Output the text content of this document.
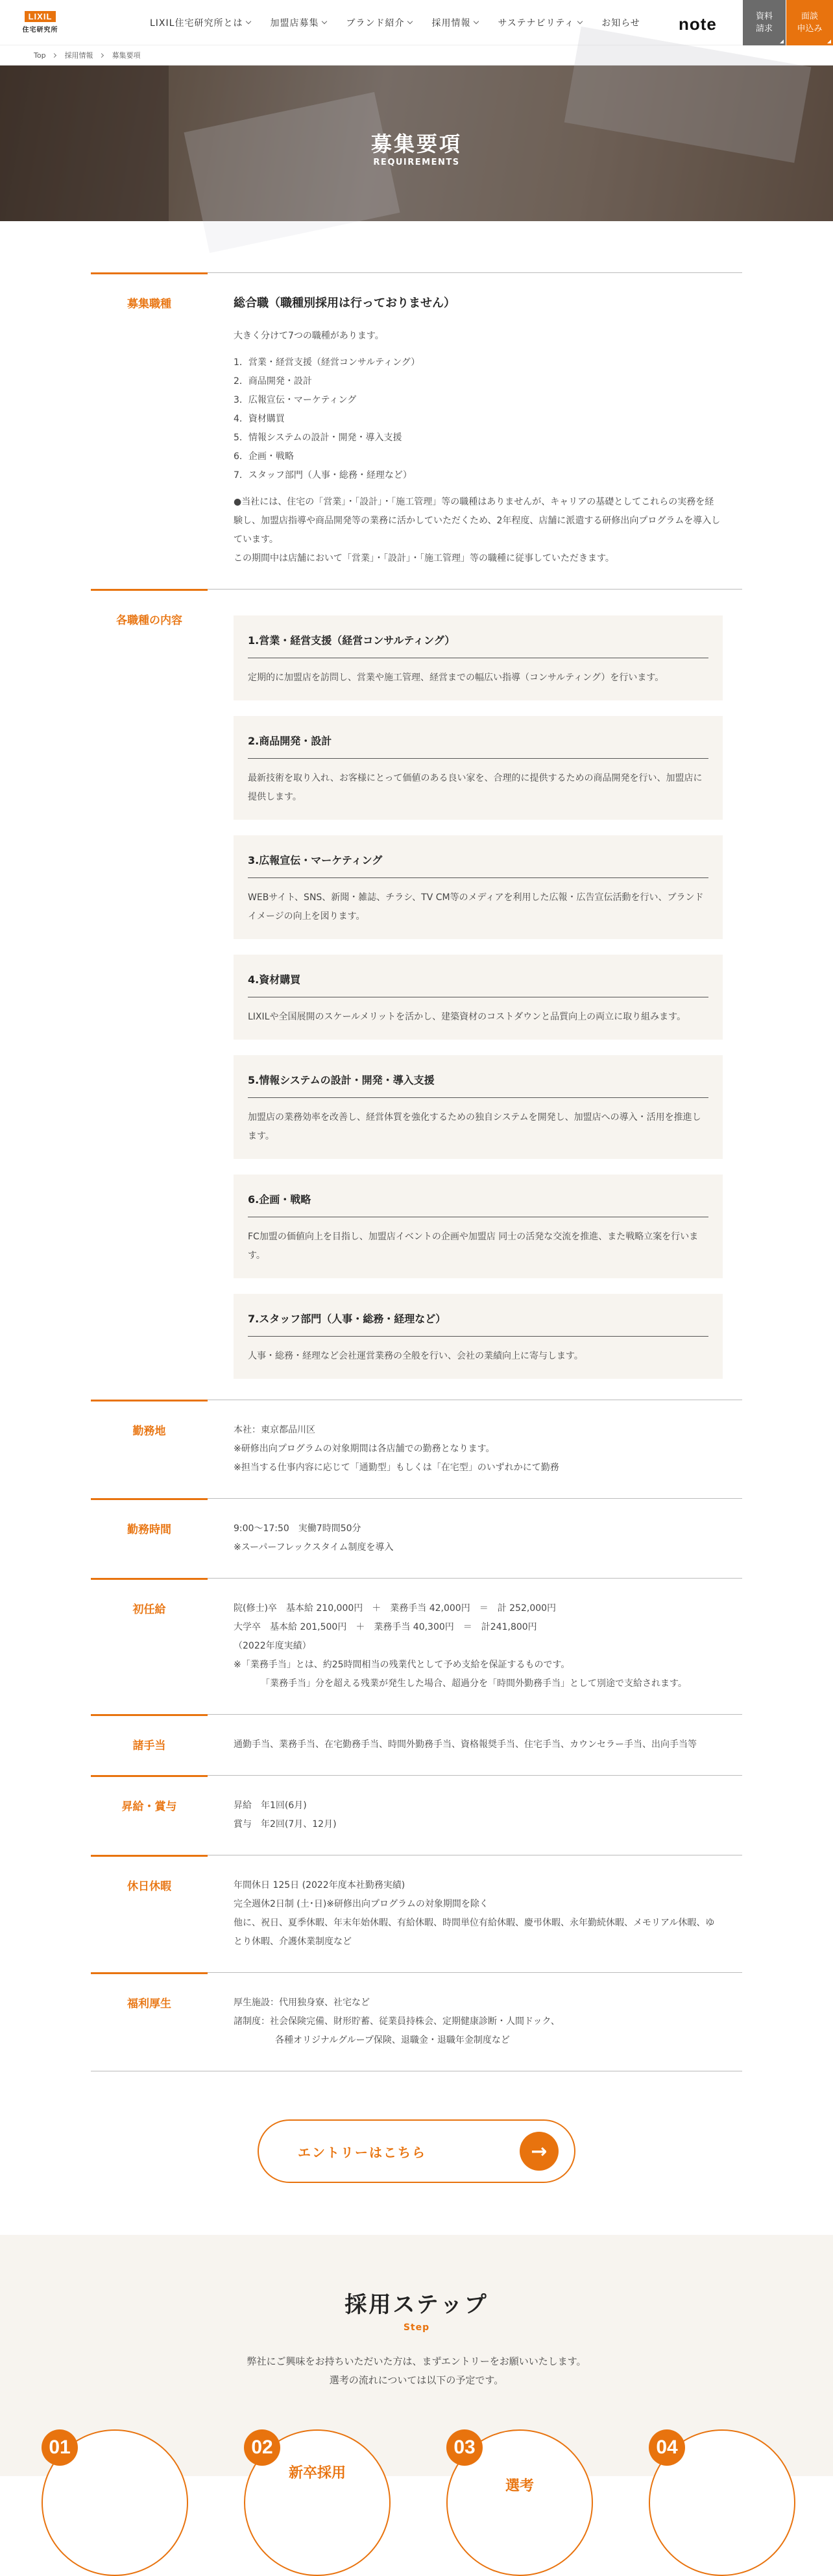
LIXIL
住宅研究所
LIXIL住宅研究所とは	加盟店募集	ブランド紹介	採用情報	サステナビリティ	お知らせ note	資料
請求
⁠面談
申込み
Top	採用情報	募集要項
募集要項
REQUIREMENTS
募集職種	総合職（職種別採用は行っておりません）

大きく分けて7つの職種があります。

1．営業・経営支援（経営コンサルティング）

2．商品開発・設計

3．広報宣伝・マーケティング

4．資材購買

5．情報システムの設計・開発・導入支援

6．企画・戦略

7．スタッフ部門（人事・総務・経理など）

●当社には、住宅の「営業」・「設計」・「施工管理」等の職種はありませんが、キャリアの基礎としてこれらの実務を経験し、加盟店指導や商品開発等の業務に活かしていただくため、2年程度、店舗に派遣する研修出向プログラムを導入しています。

この期間中は店舗において「営業」・「設計」・「施工管理」等の職種に従事していただきます。

各職種の内容
1.営業・経営支援（経営コンサルティング）
定期的に加盟店を訪問し、営業や施工管理、経営までの幅広い指導（コンサルティング）を行います。
2.商品開発・設計
最新技術を取り入れ、お客様にとって価値のある良い家を、合理的に提供するための商品開発を行い、加盟店に提供します。
3.広報宣伝・マーケティング
WEBサイト、SNS、新聞・雑誌、チラシ、TV CM等のメディアを利用した広報・広告宣伝活動を行い、ブランドイメージの向上を図ります。
4.資材購買
LIXILや全国展開のスケールメリットを活かし、建築資材のコストダウンと品質向上の両立に取り組みます。
5.情報システムの設計・開発・導入支援
加盟店の業務効率を改善し、経営体質を強化するための独自システムを開発し、加盟店への導入・活用を推進します。
6.企画・戦略
FC加盟の価値向上を目指し、加盟店イベントの企画や加盟店 同士の活発な交流を推進、また戦略立案を行います。
7.スタッフ部門（人事・総務・経理など）
人事・総務・経理など会社運営業務の全般を行い、会社の業績向上に寄与します。
勤務地	本社：東京都品川区

※研修出向プログラムの対象期間は各店舗での勤務となります。

※担当する仕事内容に応じて「通勤型」もしくは「在宅型」のいずれかにて勤務

勤務時間	9:00～17:50　実働7時間50分

※スーパーフレックスタイム制度を導入

初任給	院(修士)卒　基本給 210,000円　＋　業務手当 42,000円　＝　計 252,000円

大学卒　基本給 201,500円　＋　業務手当 40,300円　＝　計241,800円

（2022年度実績）

※「業務手当」とは、約25時間相当の残業代として予め支給を保証するものです。

「業務手当」分を超える残業が発生した場合、超過分を「時間外勤務手当」として別途で支給されます。

諸手当	通勤手当、業務手当、在宅勤務手当、時間外勤務手当、資格報奨手当、住宅手当、カウンセラー手当、出向手当等

昇給・賞与	昇給　年1回(6月)

賞与　年2回(7月、12月)

休日休暇	年間休日 125日 (2022年度本社勤務実績)

完全週休2日制 (土･日)※研修出向プログラムの対象期間を除く

他に、祝日、夏季休暇、年末年始休暇、有給休暇、時間単位有給休暇、慶弔休暇、永年勤続休暇、メモリアル休暇、ゆとり休暇、介護休業制度など

福利厚生	厚生施設：代用独身寮、社宅など

諸制度：社会保険完備、財形貯蓄、従業員持株会、定期健康診断・人間ドック、

各種オリジナルグループ保険、退職金・退職年金制度など

エントリーはこちら	→
採用ステップ
Step

弊社にご興味をお持ちいただいた方は、まずエントリーをお願いいたします。

選考の流れについては以下の予定です。

01	02
新卒採用
03
選考
04
